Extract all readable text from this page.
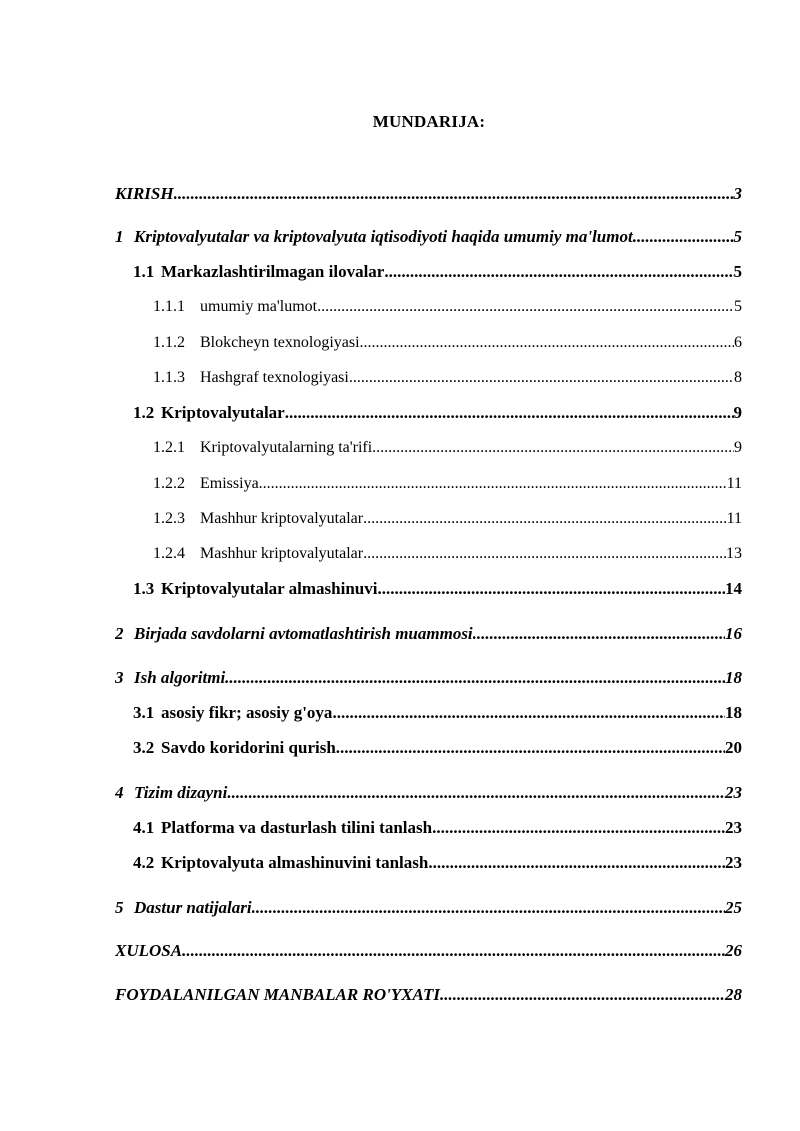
MUNDARIJA:
KIRISH .....	3
1 Kriptovalyutalar va kriptovalyuta iqtisodiyoti haqida umumiy ma'lumot .....	5
1.1 Markazlashtirilmagan ilovalar .....	5
1.1.1 umumiy ma'lumot .....	5
1.1.2 Blokcheyn texnologiyasi .....	6
1.1.3 Hashgraf texnologiyasi .....	8
1.2 Kriptovalyutalar .....	9
1.2.1 Kriptovalyutalarning ta'rifi .....	9
1.2.2 Emissiya .....	11
1.2.3 Mashhur kriptovalyutalar .....	11
1.2.4 Mashhur kriptovalyutalar .....	13
1.3 Kriptovalyutalar almashinuvi .....	14
2 Birjada savdolarni avtomatlashtirish muammosi .....	16
3 Ish algoritmi .....	18
3.1 asosiy fikr; asosiy g'oya .....	18
3.2 Savdo koridorini qurish .....	20
4 Tizim dizayni .....	23
4.1 Platforma va dasturlash tilini tanlash .....	23
4.2 Kriptovalyuta almashinuvini tanlash .....	23
5 Dastur natijalari .....	25
XULOSA .....	26
FOYDALANILGAN MANBALAR RO'YXATI .....	28
